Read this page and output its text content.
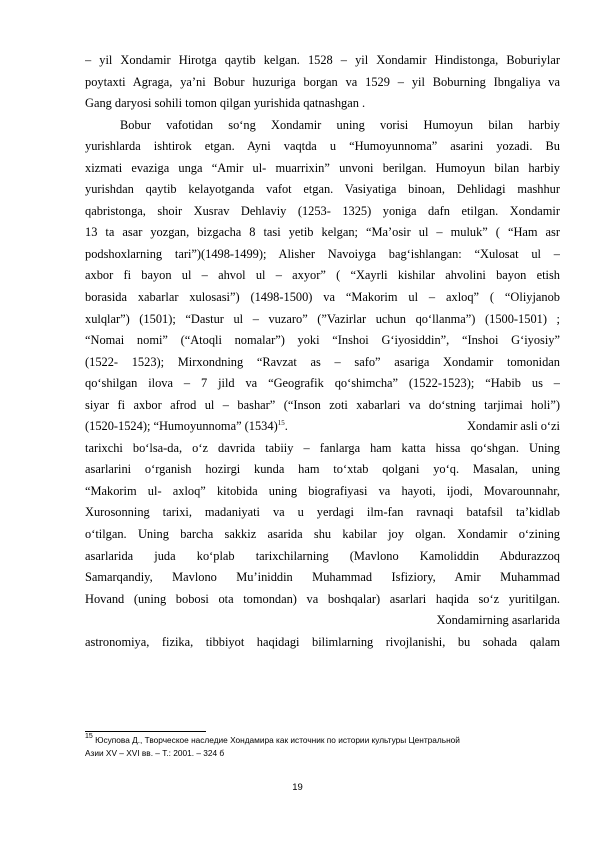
– yil Xondamir Hirotga qaytib kelgan. 1528 – yil Xondamir Hindistonga, Boburiylar
poytaxti Agraga, ya’ni Bobur huzuriga borgan va 1529 – yil Boburning Ibngaliya va
Gang daryosi sohili tomon qilgan yurishida qatnashgan .
Bobur vafotidan so‘ng Xondamir uning vorisi Humoyun bilan harbiy
yurishlarda ishtirok etgan. Ayni vaqtda u “Humoyunnoma” asarini yozadi. Bu
xizmati evaziga unga “Amir ul- muarrixin” unvoni berilgan. Humoyun bilan harbiy
yurishdan qaytib kelayotganda vafot etgan. Vasiyatiga binoan, Dehlidagi mashhur
qabristonga, shoir Xusrav Dehlaviy (1253- 1325) yoniga dafn etilgan. Xondamir
13 ta asar yozgan, bizgacha 8 tasi yetib kelgan; “Ma’osir ul – muluk” ( “Ham asr
podshoxlarning tari”)(1498-1499); Alisher Navoiyga bag‘ishlangan: “Xulosat ul –
axbor fi bayon ul – ahvol ul – axyor” ( “Xayrli kishilar ahvolini bayon etish
borasida xabarlar xulosasi”) (1498-1500) va “Makorim ul – axloq” ( “Oliyjanob
xulqlar”) (1501); “Dastur ul – vuzaro” (”Vazirlar uchun qo‘llanma”) (1500-1501) ;
“Nomai nomi” (“Atoqli nomalar”) yoki “Inshoi G‘iyosiddin”, “Inshoi G‘iyosiy”
(1522- 1523); Mirxondning “Ravzat as – safo” asariga Xondamir tomonidan
qo‘shilgan ilova – 7 jild va “Geografik qo‘shimcha” (1522-1523); “Habib us –
siyar fi axbor afrod ul – bashar” (“Inson zoti xabarlari va do‘stning tarjimai holi”)
(1520-1524); “Humoyunnoma” $(1534)^{15}$.	Xondamir asli o‘zi
tarixchi bo‘lsa-da, o‘z davrida tabiiy – fanlarga ham katta hissa qo‘shgan. Uning
asarlarini o‘rganish hozirgi kunda ham to‘xtab qolgani yo‘q. Masalan, uning
“Makorim ul- axloq” kitobida uning biografiyasi va hayoti, ijodi, Movarounnahr,
Xurosonning tarixi, madaniyati va u yerdagi ilm-fan ravnaqi batafsil ta’kidlab
o‘tilgan. Uning barcha sakkiz asarida shu kabilar joy olgan. Xondamir o‘zining
asarlarida juda ko‘plab tarixchilarning (Mavlono Kamoliddin Abdurazzoq
Samarqandiy, Mavlono Mu’iniddin Muhammad Isfiziory, Amir Muhammad
Hovand (uning bobosi ota tomondan) va boshqalar) asarlari haqida so‘z yuritilgan.
Xondamirning asarlarida
astronomiya, fizika, tibbiyot haqidagi bilimlarning rivojlanishi, bu sohada qalam
$^{15}$ Юсупова Д., Творческое наследие Хондамира как источник по истории культуры Центральной
Азии XV – XVI вв. – Т.: 2001. – 324 б
19
